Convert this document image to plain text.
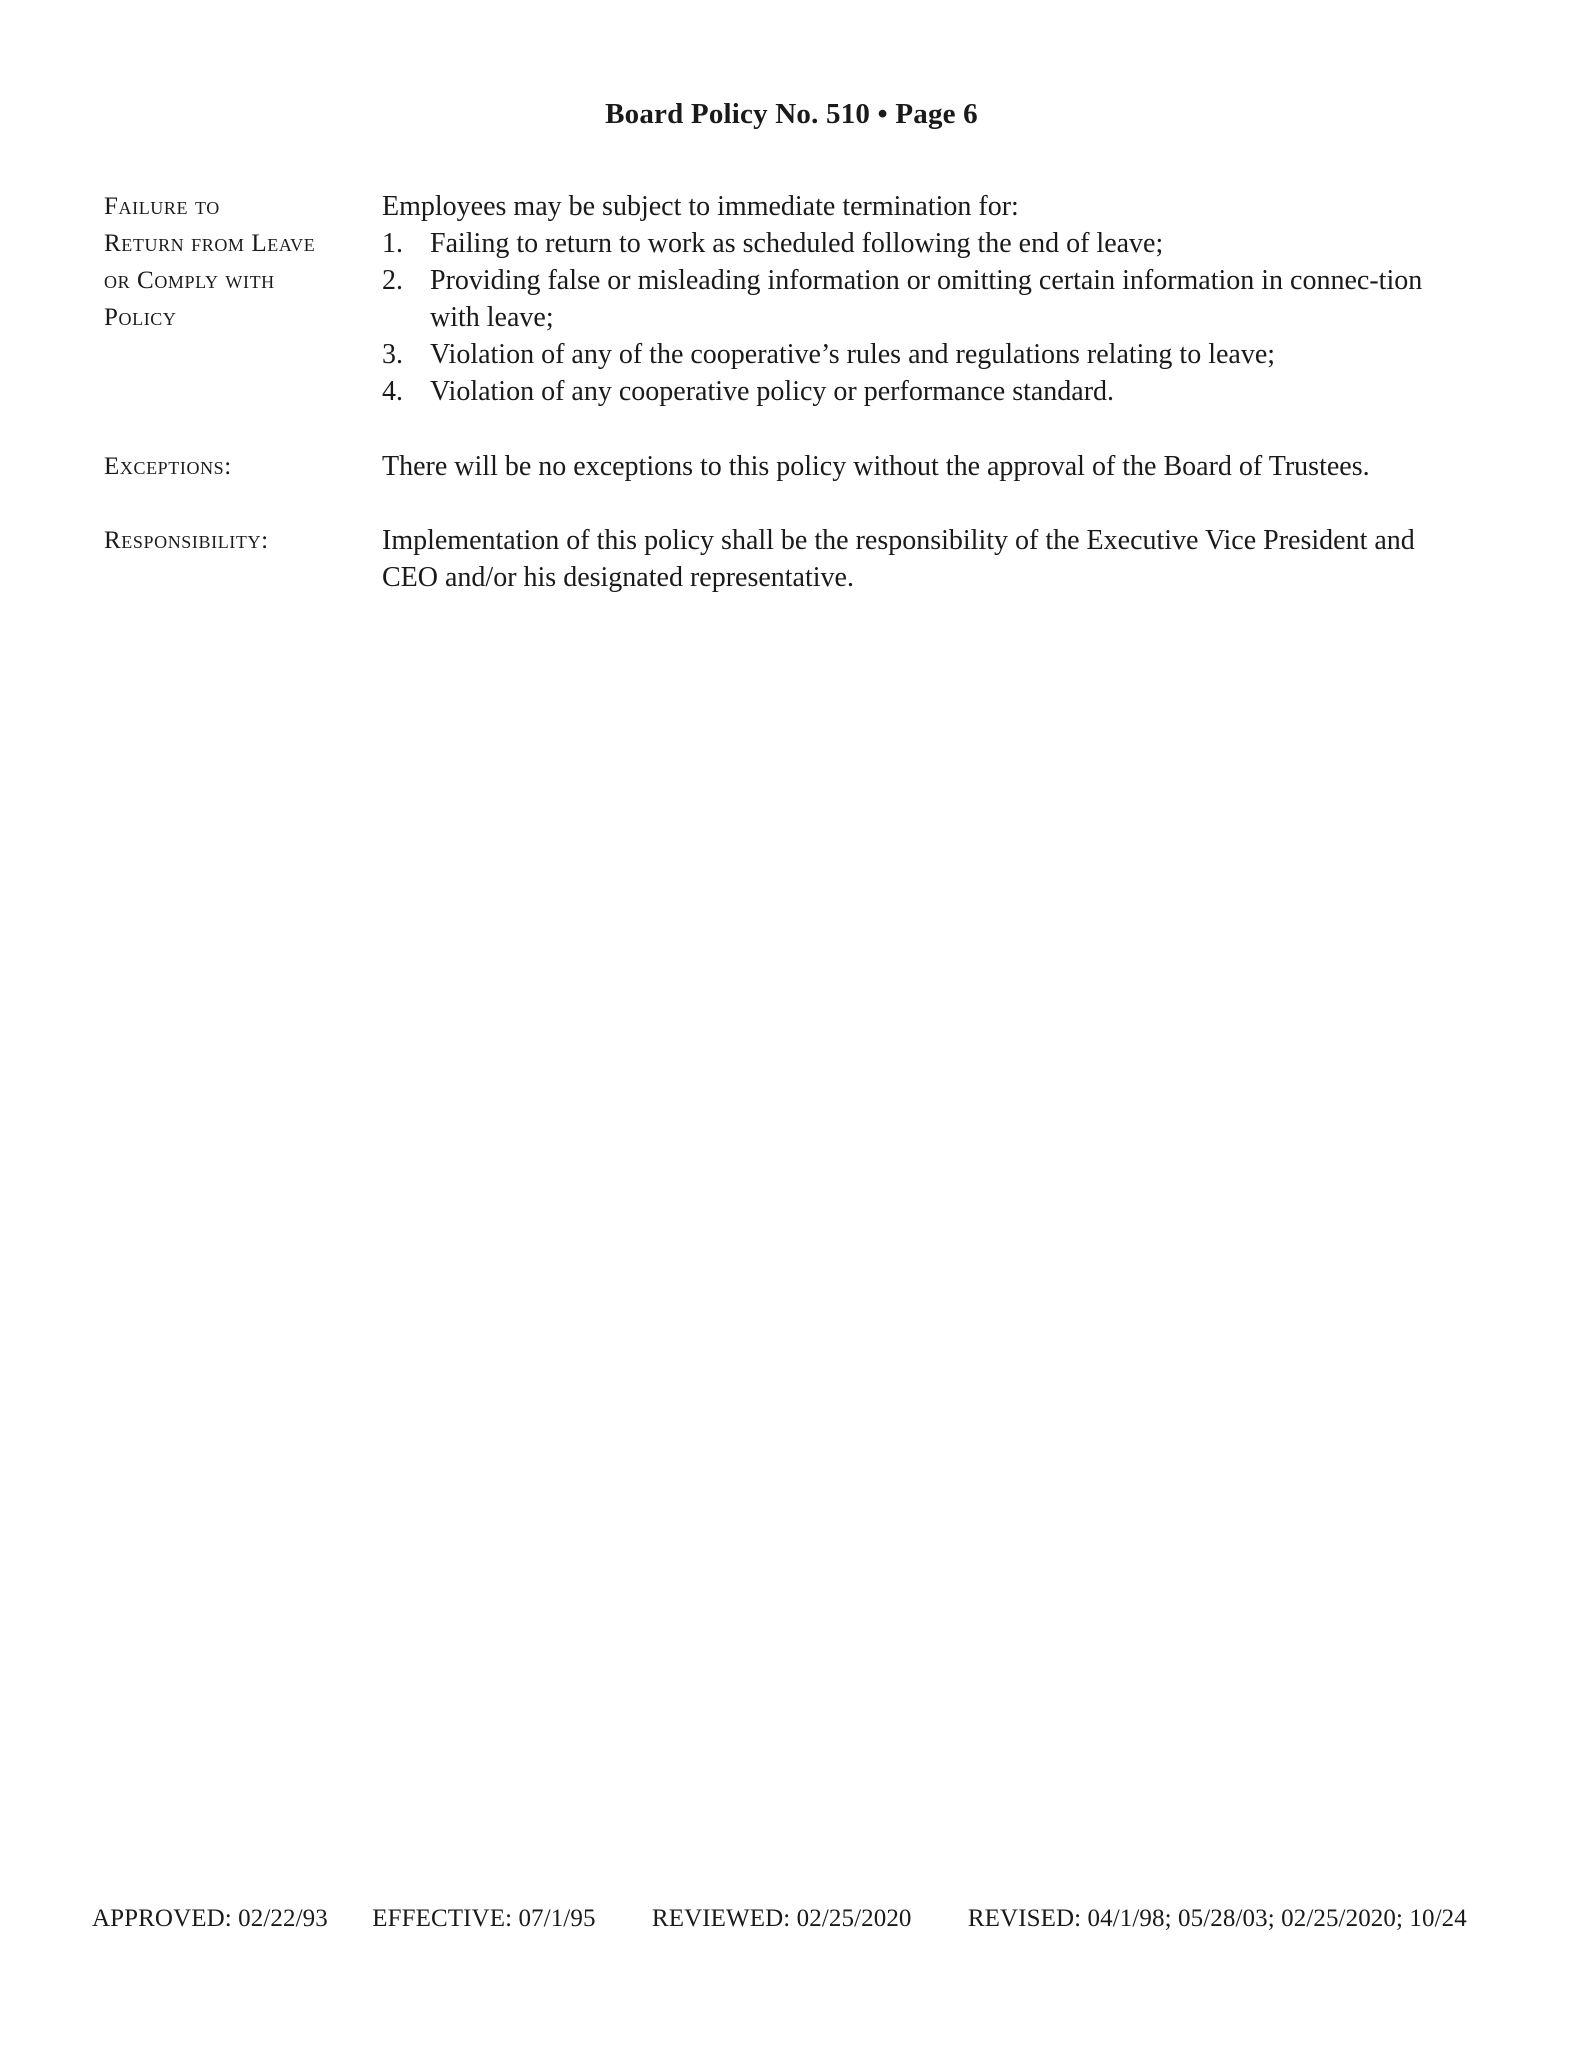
Board Policy No. 510 • Page 6
Failure to
Return from Leave
or Comply with
Policy
Employees may be subject to immediate termination for:
1. Failing to return to work as scheduled following the end of leave;
2. Providing false or misleading information or omitting certain information in connec-tion with leave;
3. Violation of any of the cooperative’s rules and regulations relating to leave;
4. Violation of any cooperative policy or performance standard.
Exceptions:	There will be no exceptions to this policy without the approval of the Board of Trustees.
Responsibility:	Implementation of this policy shall be the responsibility of the Executive Vice President and CEO and/or his designated representative.
APPROVED: 02/22/93 EFFECTIVE: 07/1/95 REVIEWED: 02/25/2020 REVISED: 04/1/98; 05/28/03; 02/25/2020; 10/24
